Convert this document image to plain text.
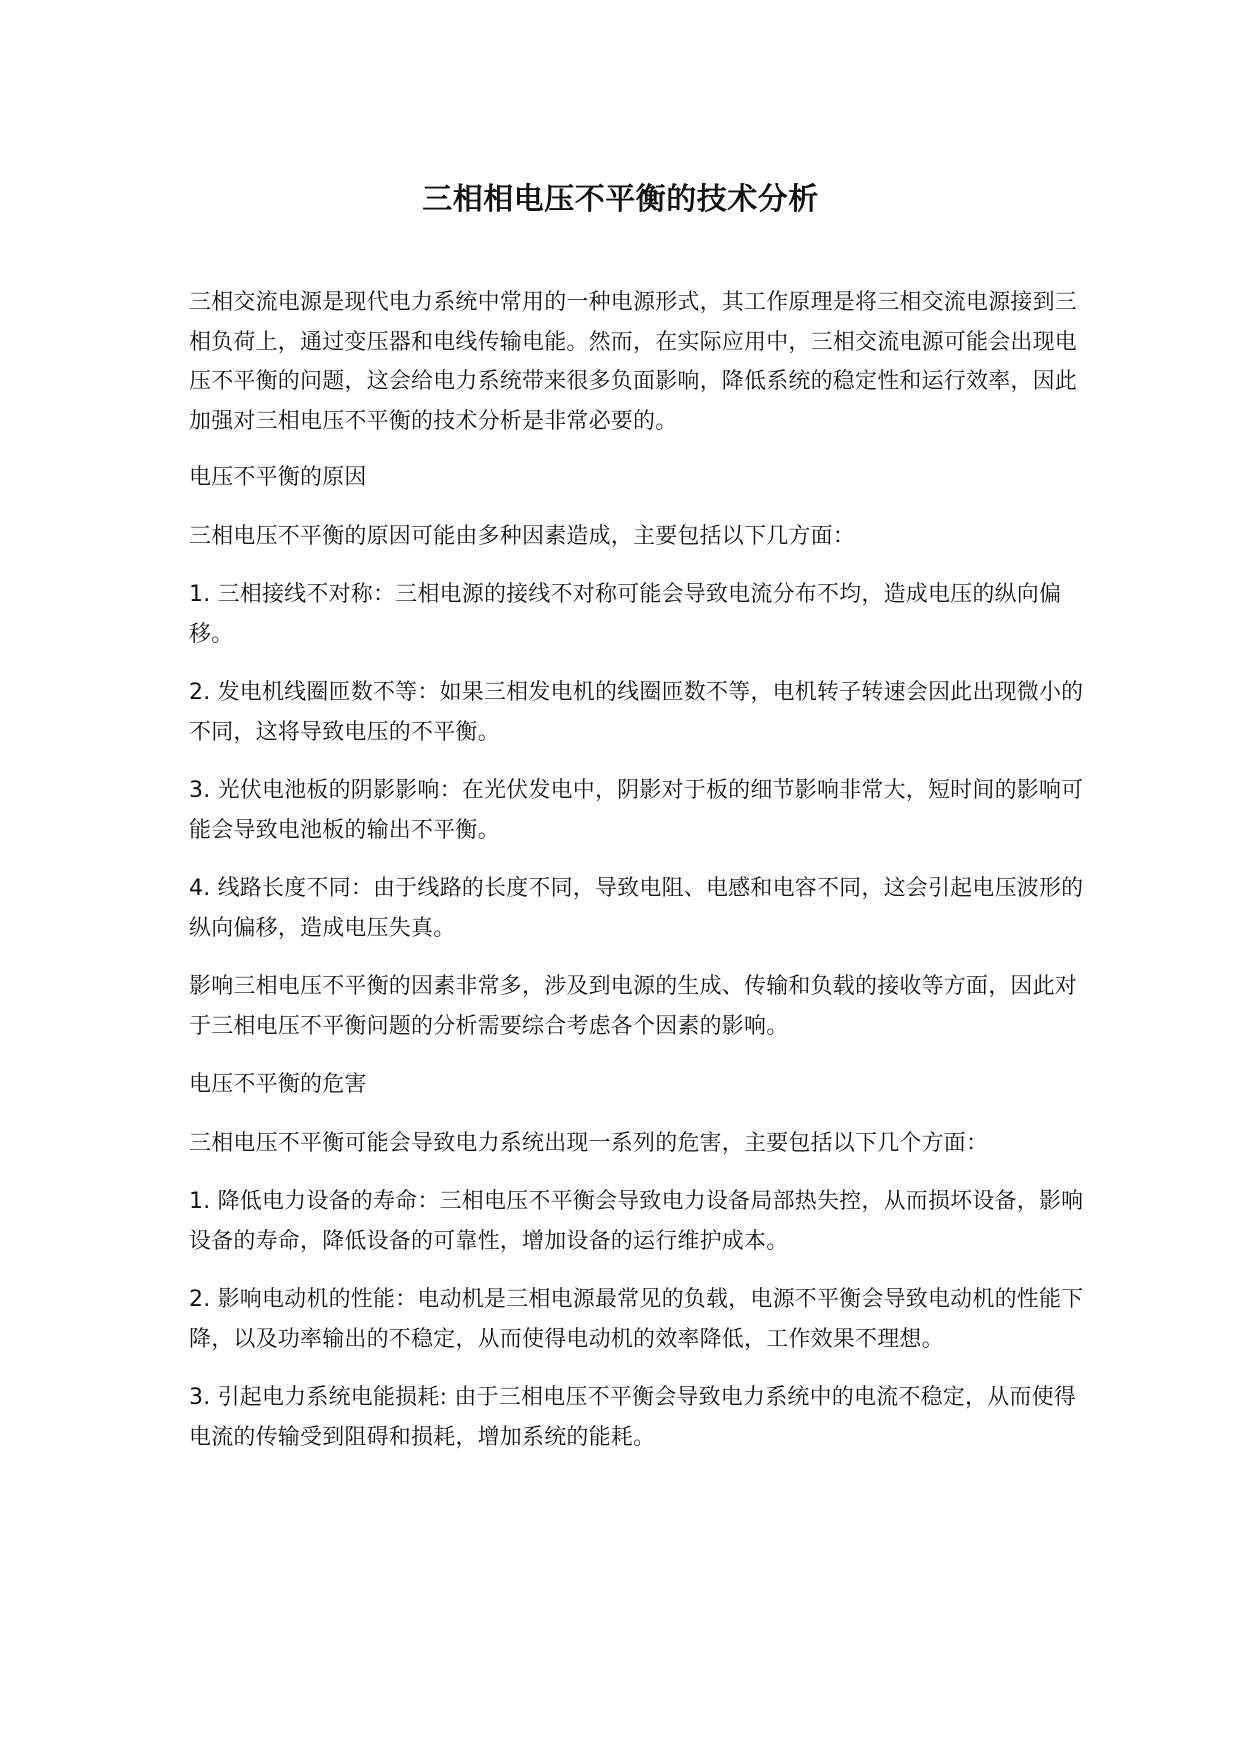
三相相电压不平衡的技术分析

三相交流电源是现代电力系统中常用的一种电源形式，其工作原理是将三相交流电源接到三相负荷上，通过变压器和电线传输电能。然而，在实际应用中，三相交流电源可能会出现电压不平衡的问题，这会给电力系统带来很多负面影响，降低系统的稳定性和运行效率，因此加强对三相电压不平衡的技术分析是非常必要的。

电压不平衡的原因

三相电压不平衡的原因可能由多种因素造成，主要包括以下几方面：

1. 三相接线不对称：三相电源的接线不对称可能会导致电流分布不均，造成电压的纵向偏移。

2. 发电机线圈匝数不等：如果三相发电机的线圈匝数不等，电机转子转速会因此出现微小的不同，这将导致电压的不平衡。

3. 光伏电池板的阴影影响：在光伏发电中，阴影对于板的细节影响非常大，短时间的影响可能会导致电池板的输出不平衡。

4. 线路长度不同：由于线路的长度不同，导致电阻、电感和电容不同，这会引起电压波形的纵向偏移，造成电压失真。

影响三相电压不平衡的因素非常多，涉及到电源的生成、传输和负载的接收等方面，因此对于三相电压不平衡问题的分析需要综合考虑各个因素的影响。

电压不平衡的危害

三相电压不平衡可能会导致电力系统出现一系列的危害，主要包括以下几个方面：

1. 降低电力设备的寿命：三相电压不平衡会导致电力设备局部热失控，从而损坏设备，影响设备的寿命，降低设备的可靠性，增加设备的运行维护成本。

2. 影响电动机的性能：电动机是三相电源最常见的负载，电源不平衡会导致电动机的性能下降，以及功率输出的不稳定，从而使得电动机的效率降低，工作效果不理想。

3. 引起电力系统电能损耗: 由于三相电压不平衡会导致电力系统中的电流不稳定，从而使得电流的传输受到阻碍和损耗，增加系统的能耗。
